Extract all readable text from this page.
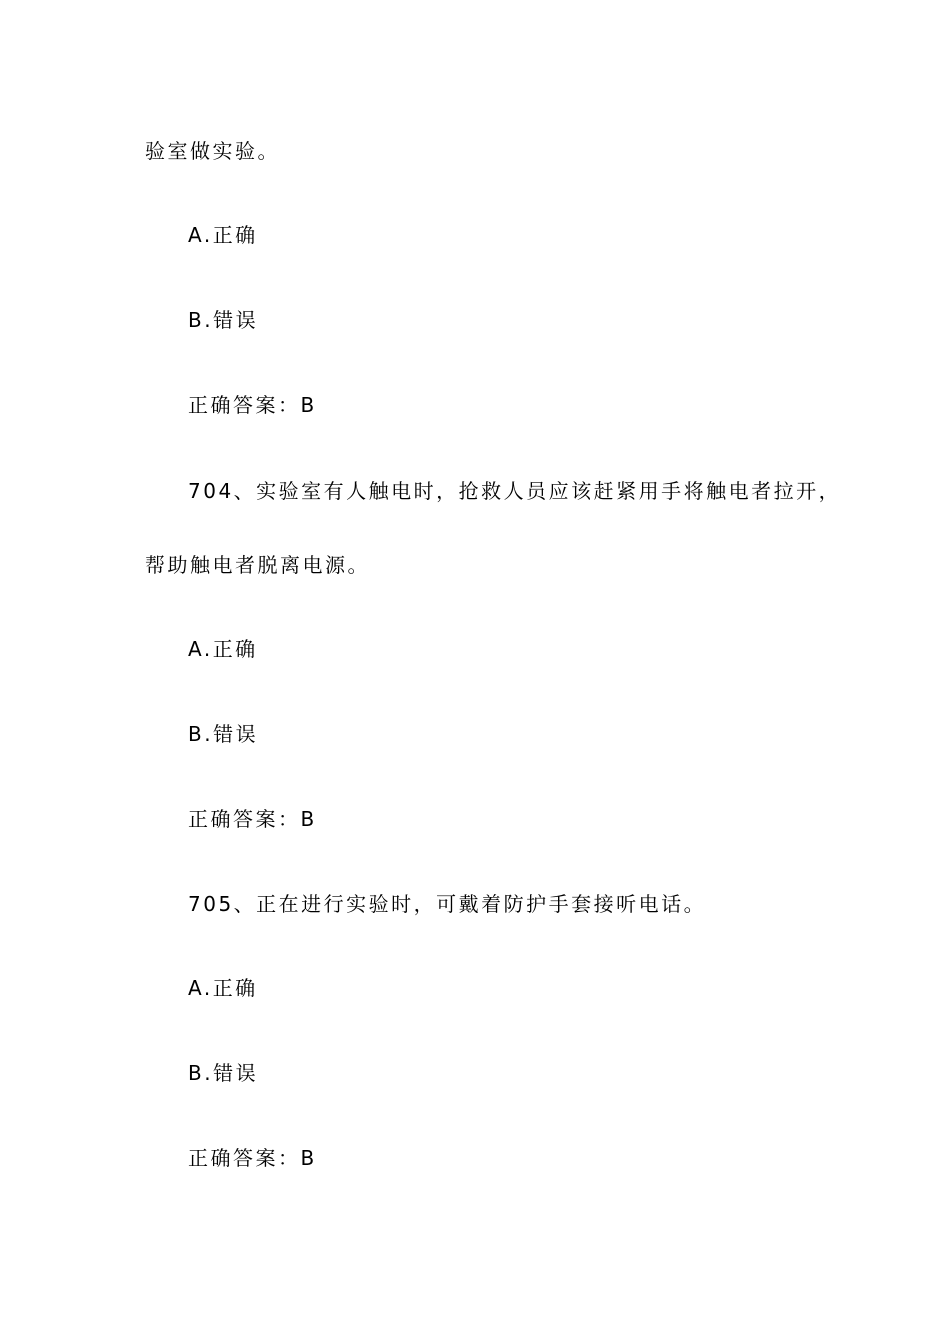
验室做实验。
A.正确
B.错误
正确答案：B
704、实验室有人触电时，抢救人员应该赶紧用手将触电者拉开，
帮助触电者脱离电源。
A.正确
B.错误
正确答案：B
705、正在进行实验时，可戴着防护手套接听电话。
A.正确
B.错误
正确答案：B
